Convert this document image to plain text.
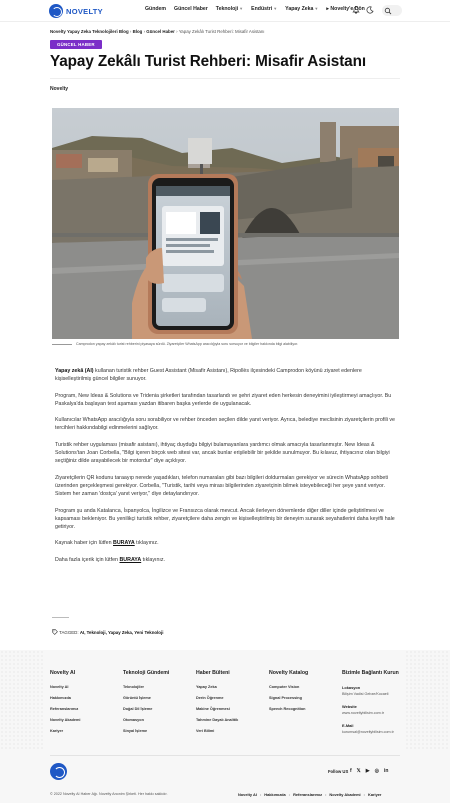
NOVELTY	Gündem Güncel Haber Teknoloji▼ Endüstri▼ Yapay Zeka▼ ▸ Novelty'e Dön
Novelty Yapay Zeka Teknolojileri Blog › Blog › Güncel Haber › Yapay Zekâlı Turist Rehberi: Misafir Asistanı
GÜNCEL HABER
Yapay Zekâlı Turist Rehberi: Misafir Asistanı
Novelty
Camprodon yapay zekâlı turist rehberini piyasaya sürdü. Ziyaretçiler WhatsApp aracılığıyla soru sorsuyor ve bilgiler hakkında bilgi alabiliyor.

Yapay zekâ (AI) kullanan turistik rehber Guest Assistant (Misafir Asistanı), Ripollès ilçesindeki Camprodon köyünü ziyaret edenlere kişiselleştirilmiş güncel bilgiler sunuyor.

Program, New Ideas & Solutions ve Tridenia şirketleri tarafından tasarlandı ve şehri ziyaret eden herkesin deneyimini iyileştirmeyi amaçlıyor. Bu Paskalya'da başlayan test aşaması yazdan itibaren başka yerlerde de uygulanacak.

Kullanıcılar WhatsApp aracılığıyla soru sorabiliyor ve rehber önceden seçilen dilde yanıt veriyor. Ayrıca, belediye meclisinin ziyaretçilerin profili ve tercihleri hakkındabilgi edinmelerini sağlıyor.

Turistik rehber uygulaması (misafir asistanı), ihtiyaç duyduğu bilgiyi bulamayanlara yardımcı olmak amacıyla tasarlanmıştır. New Ideas & Solutions'tan Joan Corbella, "Bilgi içeren birçok web sitesi var, ancak bunlar erişilebilir bir şekilde sunulmuyor. Bu kılavuz, ihtiyacınız olan bilgiyi seçtiğiniz dilde arayabilecek bir motordur" diye açıklıyor.

Ziyaretçilerin QR kodunu taraayıp nerede yaşadıkları, telefon numaraları gibi bazı bilgileri doldurmaları gerekiyor ve sürecin WhatsApp sohbeti üzerinden gerçekleşmesi gerekiyor. Corbella, "Turistik, tarihi veya mirası bilgilerinden ziyaretçinin bilmek isteyebileceği her şeye yanıt veriyor. Sistem her zaman 'dostça' yanıt veriyor," diye detaylandırıyor.

Program şu anda Katalanca, İspanyolca, İngilizce ve Fransızca olarak mevcut. Ancak ilerleyen dönemlerde diğer diller içinde geliştirilmesi ve kapsaması bekleniyor. Bu yenilikçi turistik rehber, ziyaretçilere daha zengin ve kişiselleştirilmiş bir deneyim sunarak seyahatlerini daha keyifli hale getiriyor.

Kaynak haber için lütfen BURAYA tıklayınız.

Daha fazla içerik için lütfen BURAYA tıklayınız.

TAGGED: AI, Teknoloji, Yapay Zeka, Yeni Teknoloji
Novelty AI
Novelty AI
Hakkımızda
Referanslarımız
Novelty Akademi
Kariyer
Teknoloji Gündemi
Teknolojiler
Görüntü İşleme
Doğal Dil İşleme
Otomasyon
Sinyal İşleme
Haber Bülteni
Yapay Zeka
Derin Öğrenme
Makine Öğrenmesi
Tahmine Dayalı Analitik
Veri Bilimi
Novelty Katalog
Computer Vision
Signal Processing
Speech Recognition
Bizimle Bağlantı Kurun
Lokasyon
Bilişim Vadisi Gebze/Kocaeli
Website
www.noveltybilisim.com.tr
E-Mail
kurumsal@noveltybilisim.com.tr
Follow US f 𝕏 ▶ ◎ in
© 2022 Novelty AI Haber Ağı. Novelty Anonim Şirketi. Her hakkı saklıdır.	Novelty AI • Hakkımızda • Referanslarımız • Novelty Akademi • Kariyer
